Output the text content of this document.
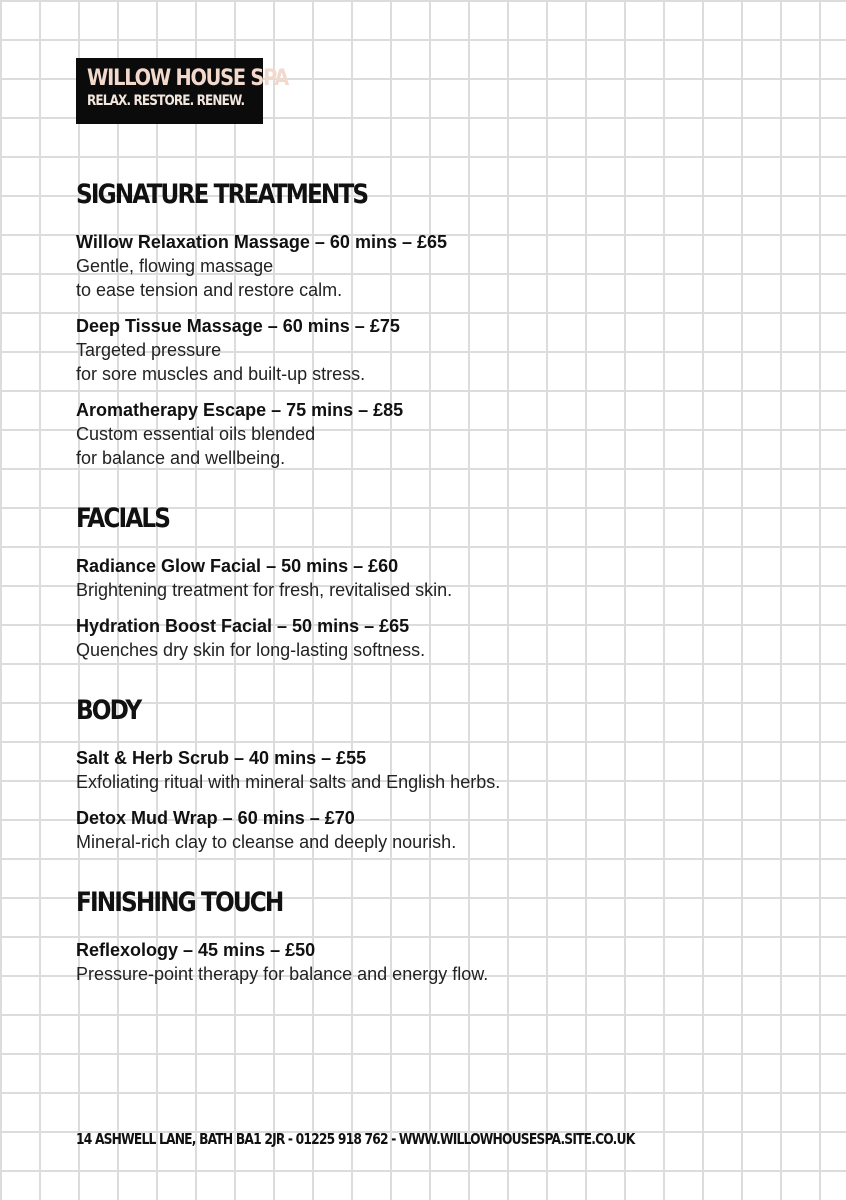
WILLOW HOUSE SPA
RELAX. RESTORE. RENEW.
SIGNATURE TREATMENTS
Willow Relaxation Massage – 60 mins – £65
Gentle, flowing massage
to ease tension and restore calm.
Deep Tissue Massage – 60 mins – £75
Targeted pressure
for sore muscles and built-up stress.
Aromatherapy Escape – 75 mins – £85
Custom essential oils blended
for balance and wellbeing.
FACIALS
Radiance Glow Facial – 50 mins – £60
Brightening treatment for fresh, revitalised skin.
Hydration Boost Facial – 50 mins – £65
Quenches dry skin for long-lasting softness.
BODY
Salt & Herb Scrub – 40 mins – £55
Exfoliating ritual with mineral salts and English herbs.
Detox Mud Wrap – 60 mins – £70
Mineral-rich clay to cleanse and deeply nourish.
FINISHING TOUCH
Reflexology – 45 mins – £50
Pressure-point therapy for balance and energy flow.
14 ASHWELL LANE, BATH BA1 2JR - 01225 918 762 - WWW.WILLOWHOUSESPA.SITE.CO.UK
